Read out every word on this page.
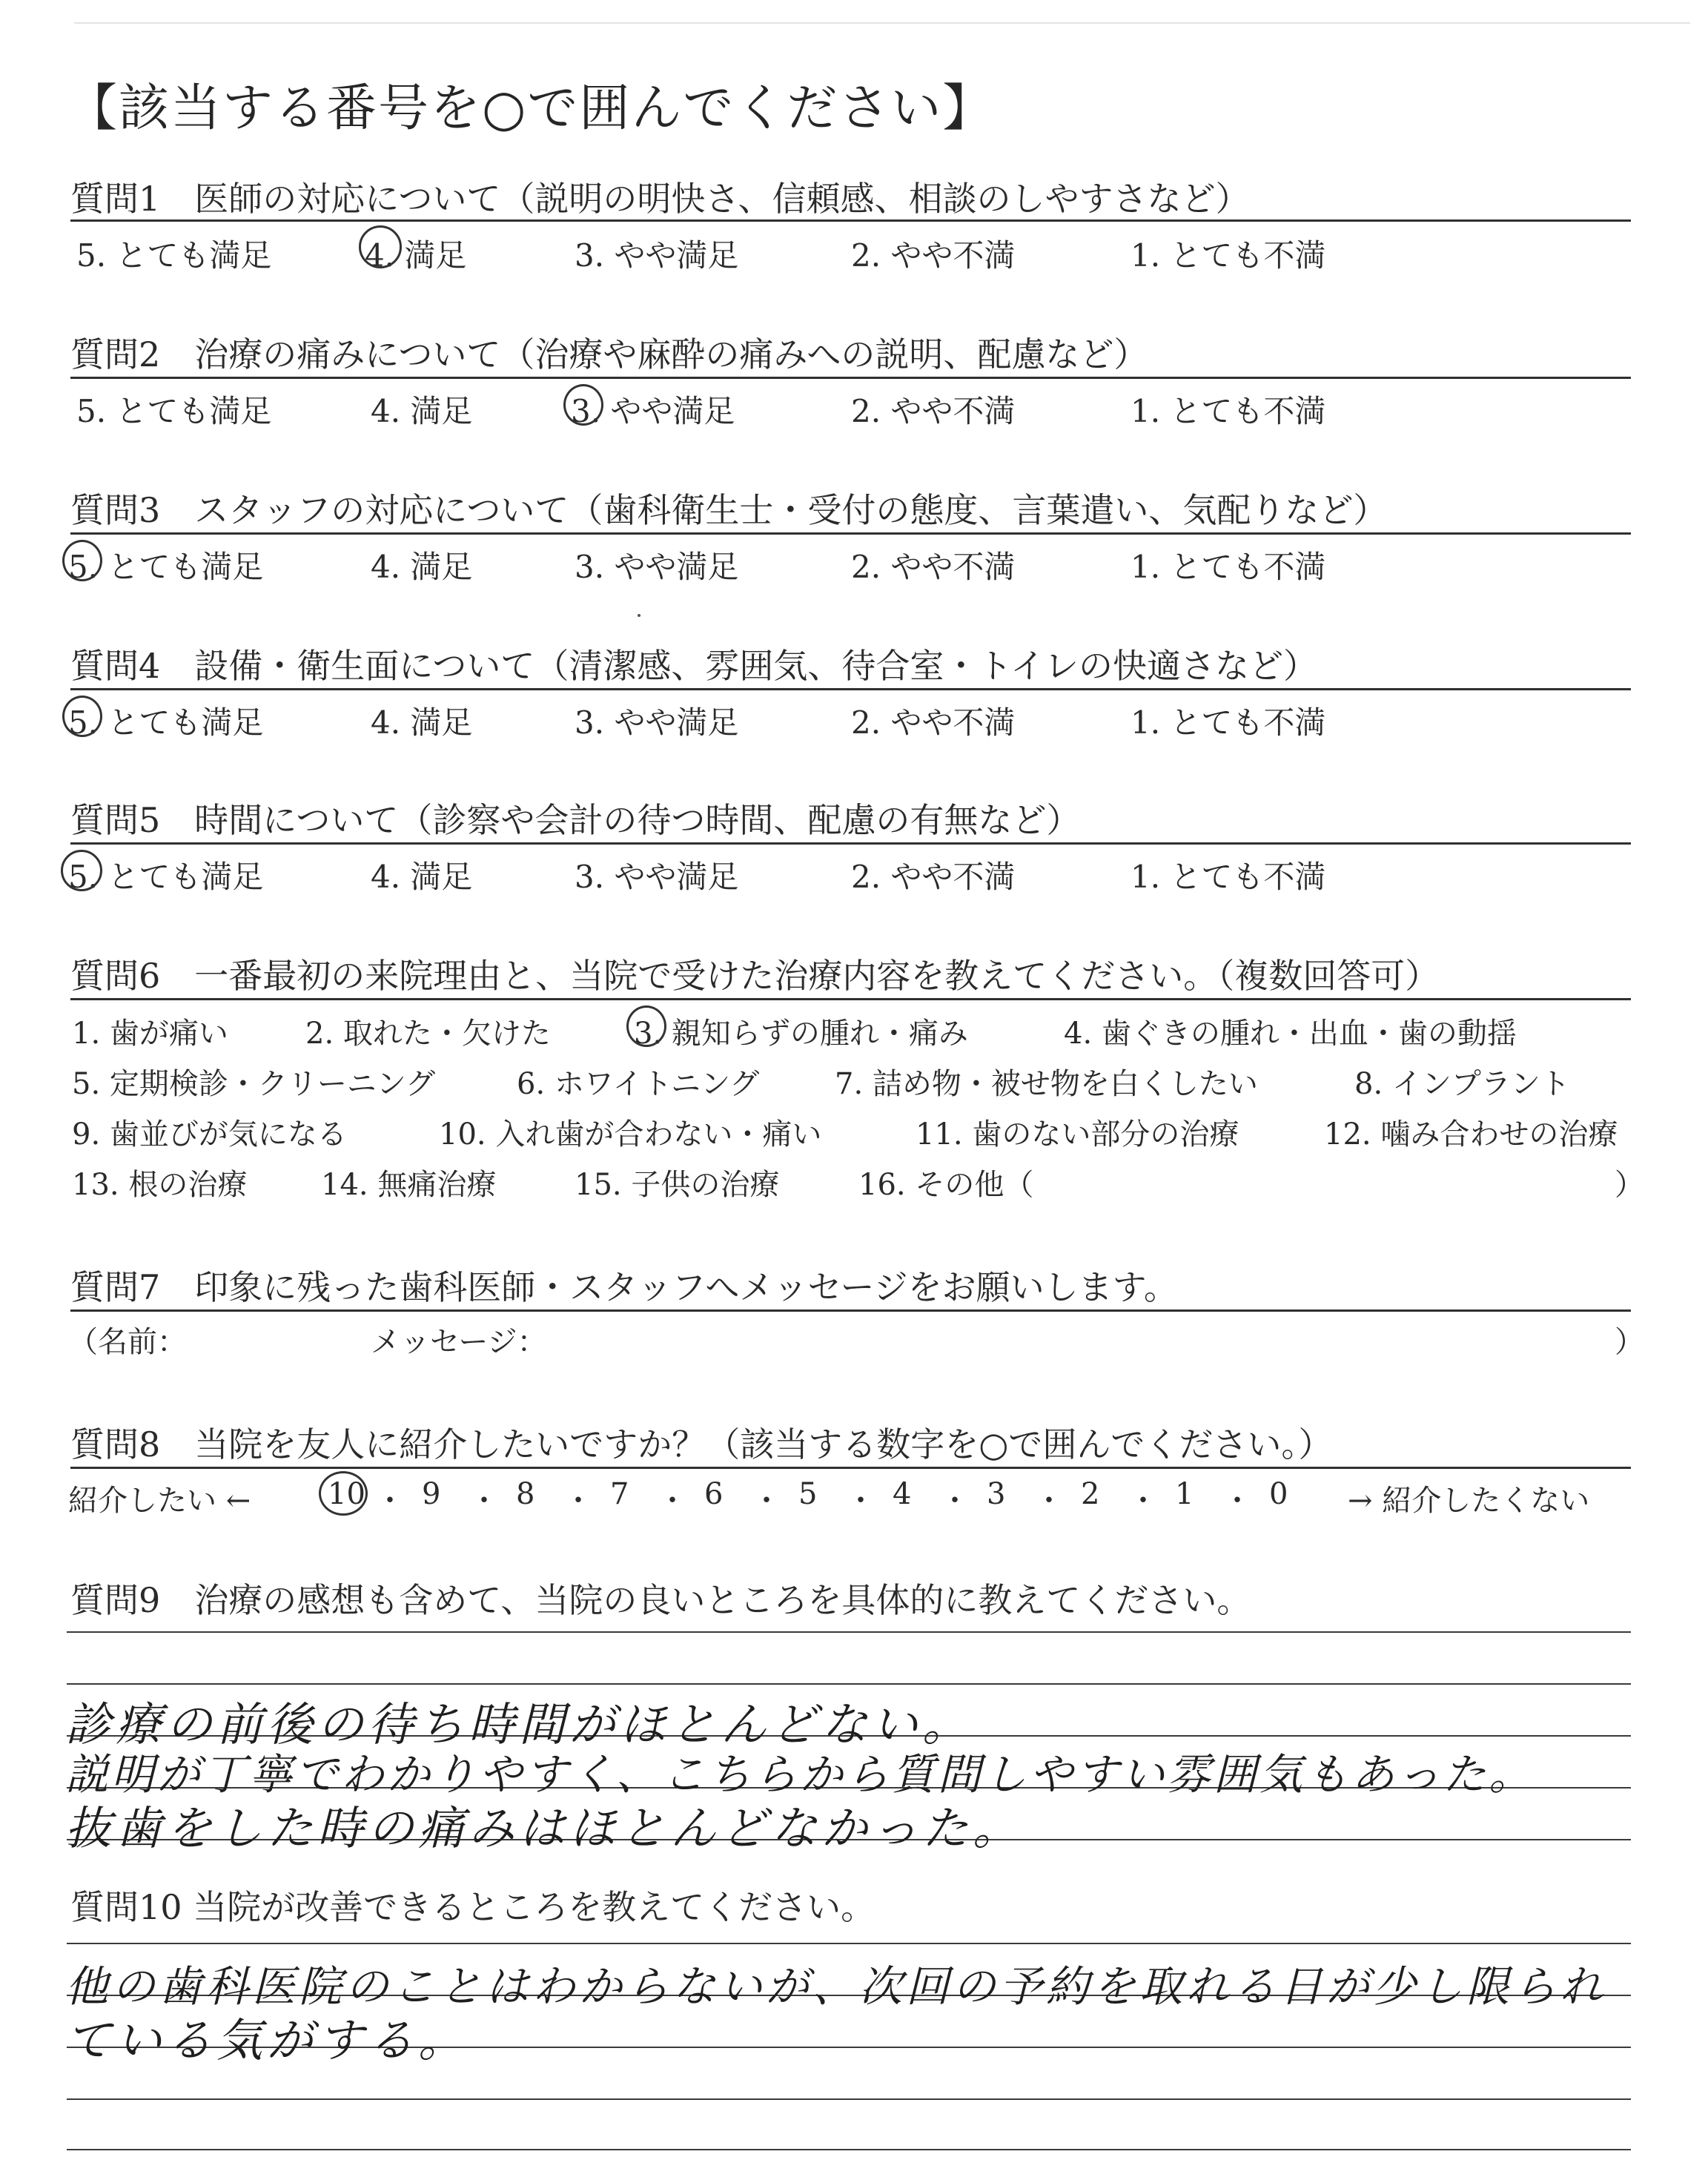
【該当する番号を○で囲んでください】
質問1　医師の対応について（説明の明快さ、信頼感、相談のしやすさなど）
5. とても満足	4. 満足	3. やや満足	2. やや不満	1. とても不満
質問2　治療の痛みについて（治療や麻酔の痛みへの説明、配慮など）
5. とても満足	4. 満足	3. やや満足	2. やや不満	1. とても不満
質問3　スタッフの対応について（歯科衛生士・受付の態度、言葉遣い、気配りなど）
5. とても満足	4. 満足	3. やや満足	2. やや不満	1. とても不満
質問4　設備・衛生面について（清潔感、雰囲気、待合室・トイレの快適さなど）
5. とても満足	4. 満足	3. やや満足	2. やや不満	1. とても不満
質問5　時間について（診察や会計の待つ時間、配慮の有無など）
5. とても満足	4. 満足	3. やや満足	2. やや不満	1. とても不満
質問6　一番最初の来院理由と、当院で受けた治療内容を教えてください。（複数回答可）
1. 歯が痛い	2. 取れた・欠けた	3. 親知らずの腫れ・痛み	4. 歯ぐきの腫れ・出血・歯の動揺
5. 定期検診・クリーニング	6. ホワイトニング	7. 詰め物・被せ物を白くしたい	8. インプラント
9. 歯並びが気になる	10. 入れ歯が合わない・痛い	11. 歯のない部分の治療	12. 噛み合わせの治療
13. 根の治療 14. 無痛治療	15. 子供の治療	16. その他（	）
質問7　印象に残った歯科医師・スタッフへメッセージをお願いします。
（名前：	メッセージ：	）
質問8　当院を友人に紹介したいですか？（該当する数字を○で囲んでください。）
紹介したい ←	10 ・ 9 ・ 8 ・ 7 ・ 6 ・ 5 ・ 4 ・ 3 ・ 2 ・ 1 ・ 0 → 紹介したくない
質問9　治療の感想も含めて、当院の良いところを具体的に教えてください。
診療の前後の待ち時間がほとんどない。
説明が丁寧でわかりやすく、こちらから質問しやすい雰囲気もあった。
抜歯をした時の痛みはほとんどなかった。
質問10 当院が改善できるところを教えてください。
他の歯科医院のことはわからないが、次回の予約を取れる日が少し限られ
ている気がする。
